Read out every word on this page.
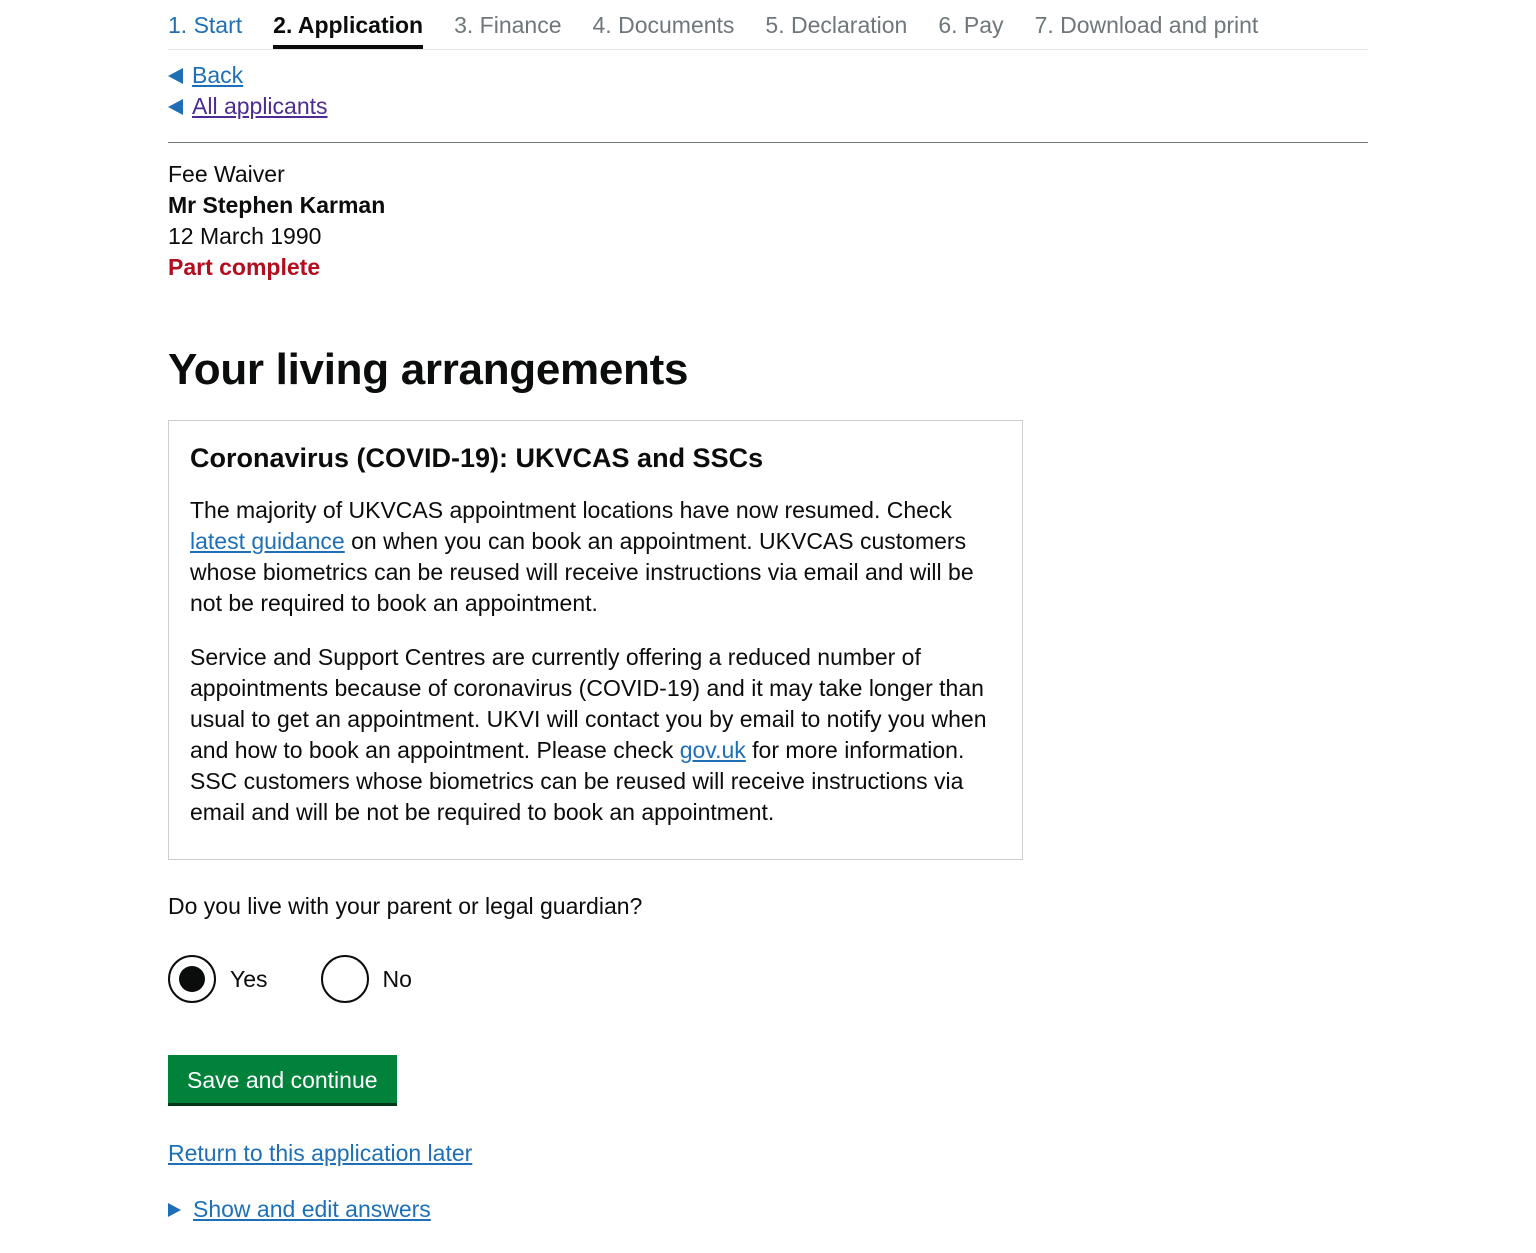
1. Start 2. Application 3. Finance 4. Documents 5. Declaration 6. Pay 7. Download and print
Back
All applicants
Fee Waiver
Mr Stephen Karman
12 March 1990
Part complete
Your living arrangements
Coronavirus (COVID-19): UKVCAS and SSCs

The majority of UKVCAS appointment locations have now resumed. Check latest guidance on when you can book an appointment. UKVCAS customers whose biometrics can be reused will receive instructions via email and will be not be required to book an appointment.

Service and Support Centres are currently offering a reduced number of appointments because of coronavirus (COVID-19) and it may take longer than usual to get an appointment. UKVI will contact you by email to notify you when and how to book an appointment. Please check gov.uk for more information. SSC customers whose biometrics can be reused will receive instructions via email and will be not be required to book an appointment.

Do you live with your parent or legal guardian?
Yes	No
Save and continue
Return to this application later
Show and edit answers
